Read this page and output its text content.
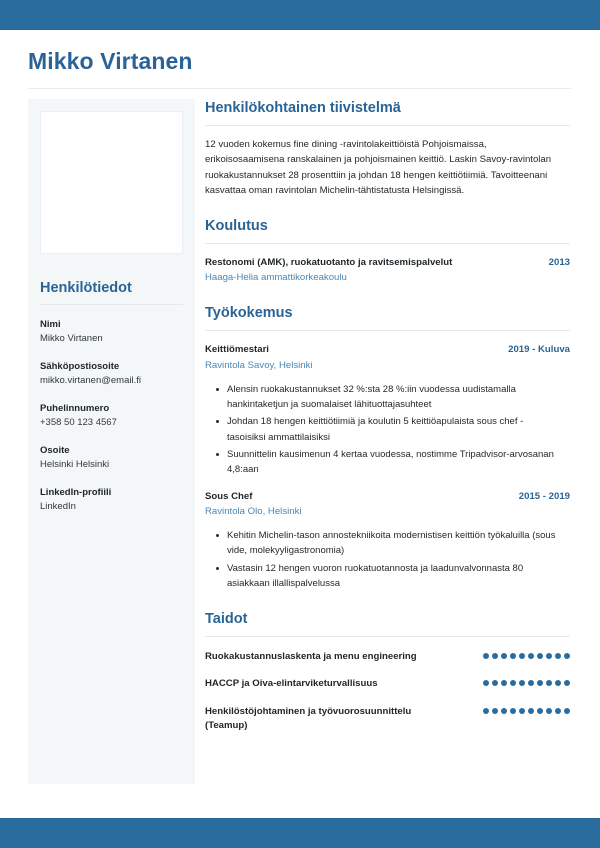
Mikko Virtanen
Henkilötiedot
Nimi
Mikko Virtanen
Sähköpostiosoite
mikko.virtanen@email.fi
Puhelinnumero
+358 50 123 4567
Osoite
Helsinki Helsinki
LinkedIn-profiili
LinkedIn
Henkilökohtainen tiivistelmä
12 vuoden kokemus fine dining -ravintolakeittiöistä Pohjoismaissa, erikoisosaamisena ranskalainen ja pohjoismainen keittiö. Laskin Savoy-ravintolan ruokakustannukset 28 prosenttiin ja johdan 18 hengen keittiötiimiä. Tavoitteenani kasvattaa oman ravintolan Michelin-tähtistatusta Helsingissä.
Koulutus
Restonomi (AMK), ruokatuotanto ja ravitsemispalvelut	2013
Haaga-Helia ammattikorkeakoulu
Työkokemus
Keittiömestari	2019 - Kuluva
Ravintola Savoy, Helsinki
Alensin ruokakustannukset 32 %:sta 28 %:iin vuodessa uudistamalla hankintaketjun ja suomalaiset lähituottajasuhteet
Johdan 18 hengen keittiötiimiä ja koulutin 5 keittiöapulaista sous chef -tasoisiksi ammattilaisiksi
Suunnittelin kausimenun 4 kertaa vuodessa, nostimme Tripadvisor-arvosanan 4,8:aan
Sous Chef	2015 - 2019
Ravintola Olo, Helsinki
Kehitin Michelin-tason annostekniikoita modernistisen keittiön työkaluilla (sous vide, molekyyligastronomia)
Vastasin 12 hengen vuoron ruokatuotannosta ja laadunvalvonnasta 80 asiakkaan illallispalvelussa
Taidot
Ruokakustannuslaskenta ja menu engineering
HACCP ja Oiva-elintarviketurvallisuus
Henkilöstöjohtaminen ja työvuorosuunnittelu (Teamup)
